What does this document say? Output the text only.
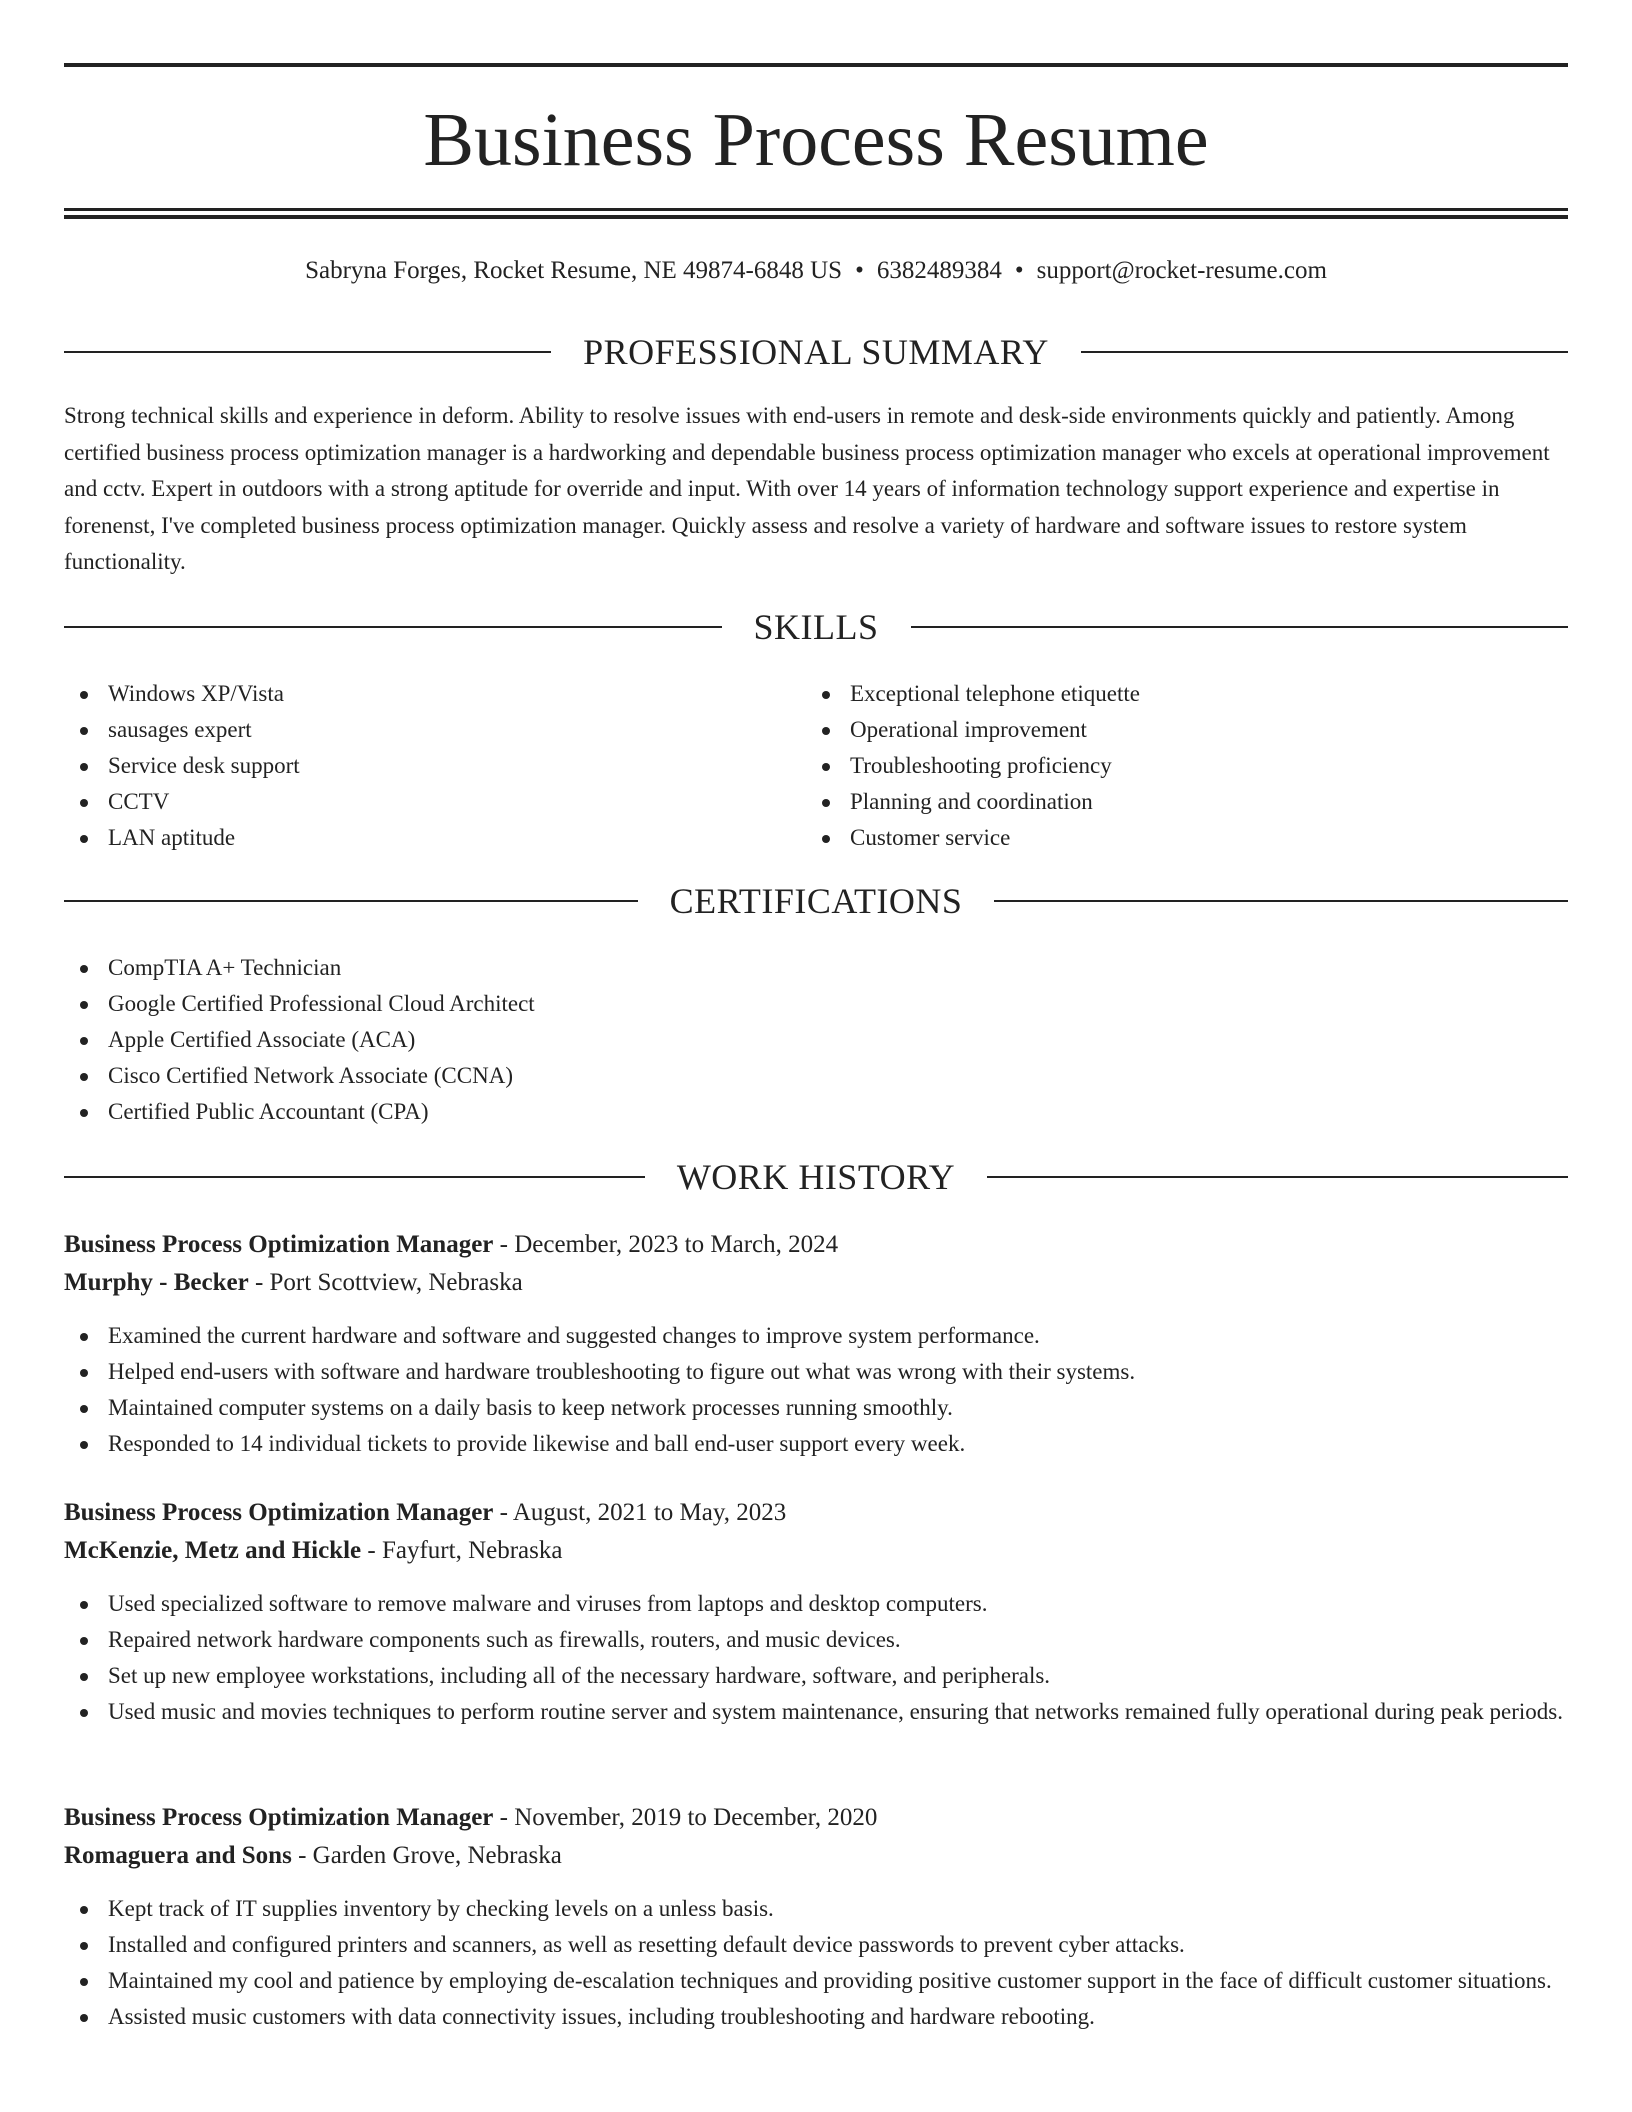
Business Process Resume
Sabryna Forges, Rocket Resume, NE 49874-6848 US • 6382489384 • support@rocket-resume.com
PROFESSIONAL SUMMARY

Strong technical skills and experience in deform. Ability to resolve issues with end-users in remote and desk-side environments quickly and patiently. Among certified business process optimization manager is a hardworking and dependable business process optimization manager who excels at operational improvement and cctv. Expert in outdoors with a strong aptitude for override and input. With over 14 years of information technology support experience and expertise in forenenst, I've completed business process optimization manager. Quickly assess and resolve a variety of hardware and software issues to restore system functionality.

SKILLS
Windows XP/Vista
sausages expert
Service desk support
CCTV
LAN aptitude
Exceptional telephone etiquette
Operational improvement
Troubleshooting proficiency
Planning and coordination
Customer service
CERTIFICATIONS
CompTIA A+ Technician
Google Certified Professional Cloud Architect
Apple Certified Associate (ACA)
Cisco Certified Network Associate (CCNA)
Certified Public Accountant (CPA)
WORK HISTORY
Business Process Optimization Manager - December, 2023 to March, 2024
Murphy - Becker - Port Scottview, Nebraska
Examined the current hardware and software and suggested changes to improve system performance.
Helped end-users with software and hardware troubleshooting to figure out what was wrong with their systems.
Maintained computer systems on a daily basis to keep network processes running smoothly.
Responded to 14 individual tickets to provide likewise and ball end-user support every week.
Business Process Optimization Manager - August, 2021 to May, 2023
McKenzie, Metz and Hickle - Fayfurt, Nebraska
Used specialized software to remove malware and viruses from laptops and desktop computers.
Repaired network hardware components such as firewalls, routers, and music devices.
Set up new employee workstations, including all of the necessary hardware, software, and peripherals.
Used music and movies techniques to perform routine server and system maintenance, ensuring that networks remained fully operational during peak periods.
Business Process Optimization Manager - November, 2019 to December, 2020
Romaguera and Sons - Garden Grove, Nebraska
Kept track of IT supplies inventory by checking levels on a unless basis.
Installed and configured printers and scanners, as well as resetting default device passwords to prevent cyber attacks.
Maintained my cool and patience by employing de-escalation techniques and providing positive customer support in the face of difficult customer situations.
Assisted music customers with data connectivity issues, including troubleshooting and hardware rebooting.
